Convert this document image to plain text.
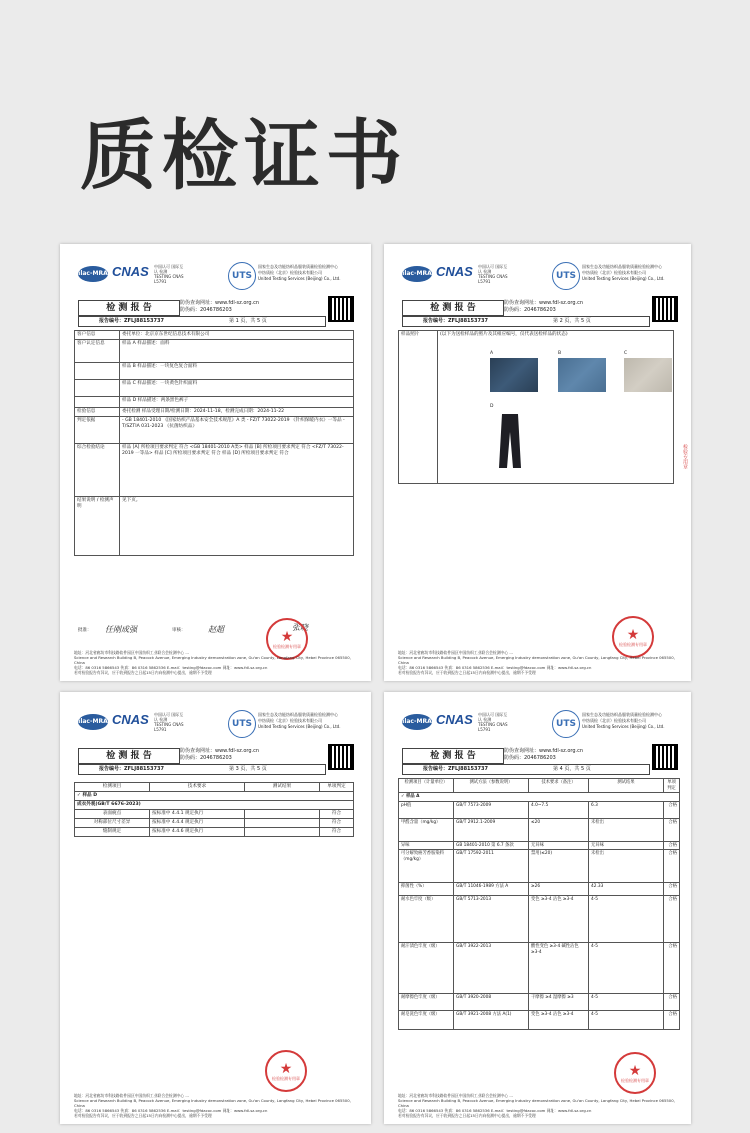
质检证书
ilac-MRA CNAS 中国认可 国际互认 检测 TESTING CNAS L5791
UTS
国家生态及功能纺织品服装质量检验检测中心
中纺质检（北京）检验技术有限公司
United Testing Services (Beijing) Co., Ltd.
检 测 报 告	防伪查询网址：www.fdl-sz.org.cn
防伪码：2046786203
报告编号：ZFLJ88153737	第 1 页，共 5 页
客户信息	委托单位：北京京东世纪信息技术有限公司
客户认定信息	样品 A 样品描述：面料
	样品 B 样品描述：一块复色复合面料
	样品 C 样品描述：一块黄色针织面料
	样品 D 样品描述：两条黑色裤子
检验信息	委托检测 样品受理日期/检测日期：2024-11-18，检测完成日期：2024-11-22
判定依据	- GB 18401-2010 《国家纺织产品基本安全技术规范》A 类 - FZ/T 73022-2019 《针织保暖内衣》一等品 - T/SZTIA 031-2023 《抗菌纺织品》
综合检验结论	样品 [A] 所检项目要求判定 符合 <GB 18401-2010 A类> 样品 [B] 所检项目要求判定 符合 <FZ/T 73022-2019 一等品> 样品 [C] 所检项目要求判定 符合 样品 [D] 所检项目要求判定 符合
结果说明 / 检测声明	见下页。
批准： 任刚成强	审核：	赵超	张晓
★
检验检测专用章
地址：河北省廊坊市科技路软件园区中国纺织工业联合会检测中心 ...
Science and Research Building B, Peacock Avenue, Emerging Industry demonstration zone, Gu'an County, Langfang City, Hebei Province 065500, China
电话：86 0316 5866543 传真：86 0316 5862536 E-mail：testing@fdacoc.com 网址：www.fdl-sz.org.cn
若对检验报告有异议，应于收到报告之日起15日内向检测中心提出，逾期不予受理
ilac-MRA CNAS 中国认可 国际互认 检测 TESTING CNAS L5791
UTS
国家生态及功能纺织品服装质量检验检测中心
中纺质检（北京）检验技术有限公司
United Testing Services (Beijing) Co., Ltd.
检 测 报 告	防伪查询网址：www.fdl-sz.org.cn
防伪码：2046786203
报告编号：ZFLJ88153737	第 2 页，共 5 页
样品照片	(以下为送检样品的照片及其相应编号，仅代表送检样品的状态)
A	B	C
D
检验专用章
★
检验检测专用章
地址：河北省廊坊市科技路软件园区中国纺织工业联合会检测中心 ...
Science and Research Building B, Peacock Avenue, Emerging Industry demonstration zone, Gu'an County, Langfang City, Hebei Province 065500, China
电话：86 0316 5866543 传真：86 0316 5862536 E-mail：testing@fdacoc.com 网址：www.fdl-sz.org.cn
若对检验报告有异议，应于收到报告之日起15日内向检测中心提出，逾期不予受理
ilac-MRA CNAS 中国认可 国际互认 检测 TESTING CNAS L5791
UTS
国家生态及功能纺织品服装质量检验检测中心
中纺质检（北京）检验技术有限公司
United Testing Services (Beijing) Co., Ltd.
检 测 报 告	防伪查询网址：www.fdl-sz.org.cn
防伪码：2046786203
报告编号：ZFLJ88153737	第 3 页，共 5 页
检测项目	技术要求	测试结果	单项判定
✓ 样品 D			
成衣外观(GB/T 6676-2023)			
表面疵点	按标准中 4.4.1 规定执行		符合
对称部位尺寸差异	按标准中 4.4.4 规定执行		符合
缝制规定	按标准中 4.4.6 规定执行		符合
★
检验检测专用章
地址：河北省廊坊市科技路软件园区中国纺织工业联合会检测中心 ...
Science and Research Building B, Peacock Avenue, Emerging Industry demonstration zone, Gu'an County, Langfang City, Hebei Province 065500, China
电话：86 0316 5866543 传真：86 0316 5862536 E-mail：testing@fdacoc.com 网址：www.fdl-sz.org.cn
若对检验报告有异议，应于收到报告之日起15日内向检测中心提出，逾期不予受理
ilac-MRA CNAS 中国认可 国际互认 检测 TESTING CNAS L5791
UTS
国家生态及功能纺织品服装质量检验检测中心
中纺质检（北京）检验技术有限公司
United Testing Services (Beijing) Co., Ltd.
检 测 报 告	防伪查询网址：www.fdl-sz.org.cn
防伪码：2046786203
报告编号：ZFLJ88153737	第 4 页，共 5 页
检测项目（计量单位）	测试方法（参数说明）	技术要求（备注）	测试结果	单项判定
✓ 样品 A				
pH值	GB/T 7573-2009	4.0~7.5	6.3	合格
甲醛含量（mg/kg）	GB/T 2912.1-2009	≤20	未检出	合格
异味	GB 18401-2010 第 6.7 条款	无异味	无异味	合格
可分解致癌芳香胺染料（mg/kg）	GB/T 17592-2011	禁用(≤20)	未检出	合格
抑菌性（%）	GB/T 11046-1989 方法 A	≥26	42.33	合格
耐水色牢度（级）	GB/T 5713-2013	变色 ≥3-4 沾色 ≥3-4	4-5	合格
耐汗渍色牢度（级）	GB/T 3922-2013	酸性变色 ≥3-4 碱性沾色 ≥3-4	4-5	合格
耐摩擦色牢度（级）	GB/T 3920-2008	干摩擦 ≥4 湿摩擦 ≥3	4-5	合格
耐皂洗色牢度（级）	GB/T 3921-2008 方法 A(1)	变色 ≥3-4 沾色 ≥3-4	4-5	合格
★
检验检测专用章
地址：河北省廊坊市科技路软件园区中国纺织工业联合会检测中心 ...
Science and Research Building B, Peacock Avenue, Emerging Industry demonstration zone, Gu'an County, Langfang City, Hebei Province 065500, China
电话：86 0316 5866543 传真：86 0316 5862536 E-mail：testing@fdacoc.com 网址：www.fdl-sz.org.cn
若对检验报告有异议，应于收到报告之日起15日内向检测中心提出，逾期不予受理
